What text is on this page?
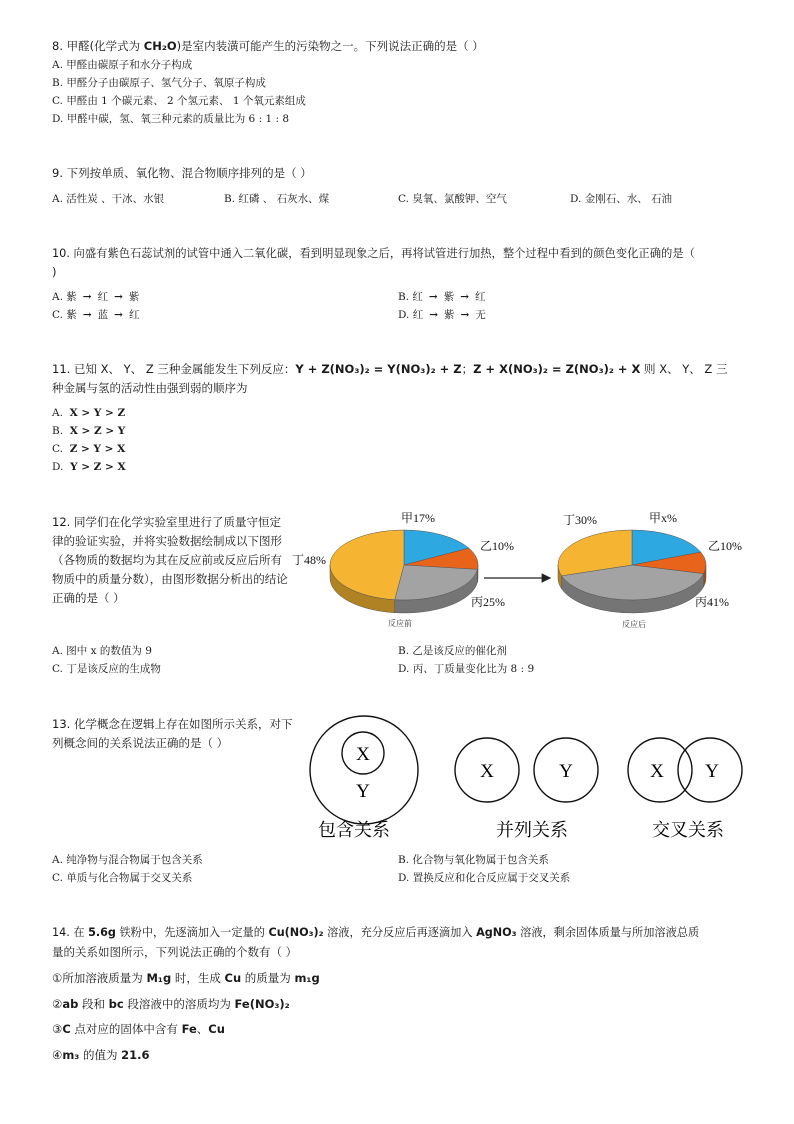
8. 甲醛(化学式为 CH₂O)是室内装潢可能产生的污染物之一。下列说法正确的是（ ）
A. 甲醛由碳原子和水分子构成
B. 甲醛分子由碳原子、氢气分子、氧原子构成
C. 甲醛由 1 个碳元素、 2 个氢元素、 1 个氧元素组成
D. 甲醛中碳，氢、氧三种元素的质量比为 6 : 1 : 8
9. 下列按单质、氧化物、混合物顺序排列的是（ ）
A. 活性炭 、干冰、水银	B. 红磷 、 石灰水、煤	C. 臭氧、氯酸钾、空气	D. 金刚石、水、 石油
10. 向盛有紫色石蕊试剂的试管中通入二氧化碳，看到明显现象之后，再将试管进行加热，整个过程中看到的颜色变化正确的是（
)
A. 紫 → 红 → 紫	B. 红 → 紫 → 红
C. 紫 → 蓝 → 红	D. 红 → 紫 → 无
11. 已知 X、 Y、 Z 三种金属能发生下列反应：Y + Z(NO₃)₂ = Y(NO₃)₂ + Z；Z + X(NO₃)₂ = Z(NO₃)₂ + X 则 X、 Y、 Z 三
种金属与氢的活动性由强到弱的顺序为
A. X > Y > Z
B. X > Z > Y
C. Z > Y > X
D. Y > Z > X
12. 同学们在化学实验室里进行了质量守恒定律的验证实验，并将实验数据绘制成以下图形（各物质的数据均为其在反应前或反应后所有物质中的质量分数），由图形数据分析出的结论正确的是（ ）
甲17%
乙10%
丙25%
丁48%
反应前
甲x%
乙10%
丙41%
丁30%
反应后
A. 图中 x 的数值为 9	B. 乙是该反应的催化剂
C. 丁是该反应的生成物	D. 丙、丁质量变化比为 8 : 9
13. 化学概念在逻辑上存在如图所示关系，对下列概念间的关系说法正确的是（ ）
X
Y
包含关系
X	Y
并列关系
X Y
交叉关系
A. 纯净物与混合物属于包含关系	B. 化合物与氧化物属于包含关系
C. 单质与化合物属于交叉关系	D. 置换反应和化合反应属于交叉关系
14. 在 5.6g 铁粉中，先逐滴加入一定量的 Cu(NO₃)₂ 溶液，充分反应后再逐滴加入 AgNO₃ 溶液，剩余固体质量与所加溶液总质
量的关系如图所示，下列说法正确的个数有（ ）
①所加溶液质量为 M₁g 时，生成 Cu 的质量为 m₁g
②ab 段和 bc 段溶液中的溶质均为 Fe(NO₃)₂
③C 点对应的固体中含有 Fe、Cu
④m₃ 的值为 21.6
